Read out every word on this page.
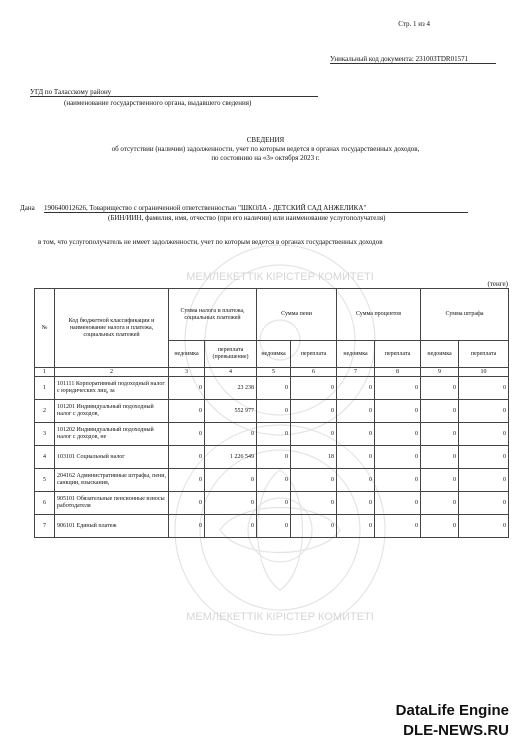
МЕМЛЕКЕТТІК КІРІСТЕР КОМИТЕТІ
МЕМЛЕКЕТТІК КІРІСТЕР КОМИТЕТІ
Стр. 1 из 4
Уникальный код документа: 231003TDR01571
УГД по Таласскому району
(наименование государственного органа, выдавшего сведения)
СВЕДЕНИЯ
об отсутствии (наличии) задолженности, учет по которым ведется в органах государственных доходов,
по состоянию на «3» октября 2023 г.
Дана 190640012626, Товарищество с ограниченной ответственностью "ШКОЛА - ДЕТСКИЙ САД АНЖЕЛИКА"
(БИН/ИИН, фамилия, имя, отчество (при его наличии) или наименование услугополучателя)
в том, что услугополучатель не имеет задолженности, учет по которым ведется в органах государственных доходов
(тенге)
№	Код бюджетной классификации и наименование налога и платежа, социальных платежей	Сумма налога и платежа, социальных платежей		Сумма пени		Сумма процентов		Сумма штрафа	
		недоимка	переплата (превышение)	недоимка	переплата	недоимка	переплата	недоимка	переплата
1	2	3	4	5	6	7	8	9	10
1	101111 Корпоративный подоходный налог с юридических лиц, за	0	23 238	0	0	0	0	0	0
2	101201 Индивидуальный подоходный налог с доходов,	0	552 977	0	0	0	0	0	0
3	101202 Индивидуальный подоходный налог с доходов, не	0	0	0	0	0	0	0	0
4	103101 Социальный налог	0	1 226 549	0	18	0	0	0	0
5	204162 Административные штрафы, пени, санкции, взыскания,	0	0	0	0	0	0	0	0
6	905101 Обязательные пенсионные взносы работодателя	0	0	0	0	0	0	0	0
7	906101 Единый платеж	0	0	0	0	0	0	0	0
DataLife Engine
DLE-NEWS.RU
